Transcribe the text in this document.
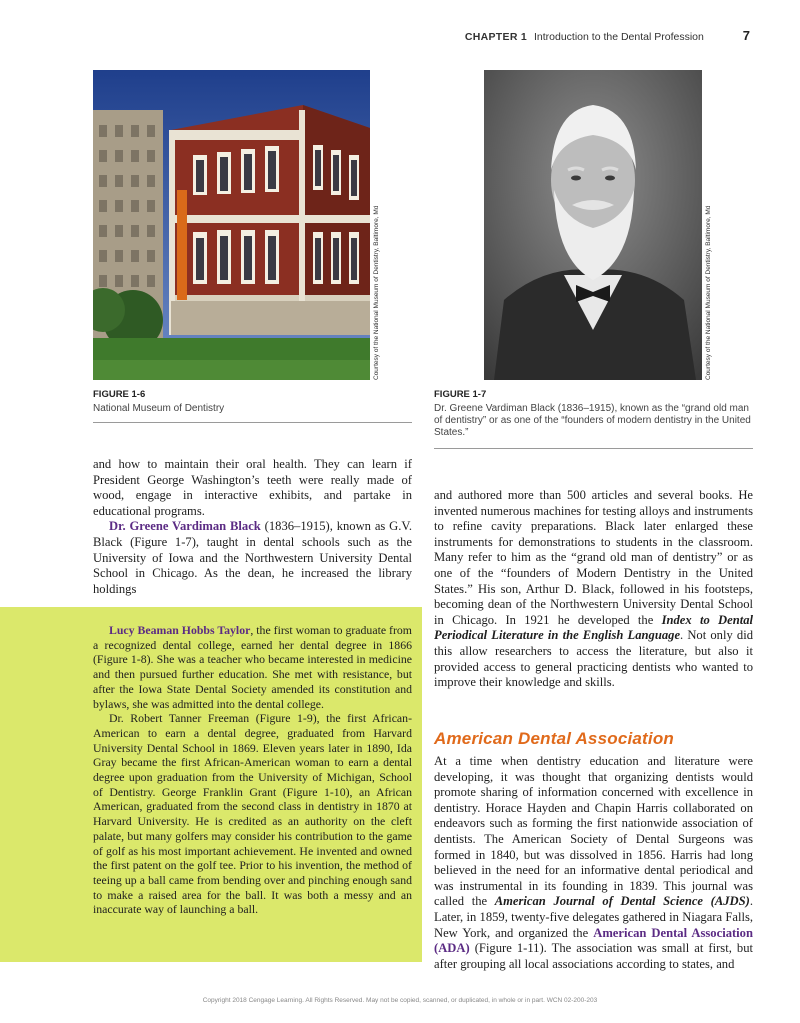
CHAPTER 1 Introduction to the Dental Profession	7
Courtesy of the National Museum of Dentistry, Baltimore, Md	Courtesy of the National Museum of Dentistry, Baltimore, Md
FIGURE 1-6
National Museum of Dentistry
FIGURE 1-7
Dr. Greene Vardiman Black (1836–1915), known as the “grand old man of dentistry” or as one of the “founders of modern dentistry in the United States.”

and how to maintain their oral health. They can learn if President George Washington’s teeth were really made of wood, engage in interactive exhibits, and partake in educational programs.

Dr. Greene Vardiman Black (1836–1915), known as G.V. Black (Figure 1-7), taught in dental schools such as the University of Iowa and the Northwestern University Dental School in Chicago. As the dean, he increased the library holdings

Lucy Beaman Hobbs Taylor, the first woman to graduate from a recognized dental college, earned her dental degree in 1866 (Figure 1-8). She was a teacher who became interested in medicine and then pursued further education. She met with resistance, but after the Iowa State Dental Society amended its constitution and bylaws, she was admitted into the dental college.

Dr. Robert Tanner Freeman (Figure 1-9), the first African-American to earn a dental degree, graduated from Harvard University Dental School in 1869. Eleven years later in 1890, Ida Gray became the first African-American woman to earn a dental degree upon graduation from the University of Michigan, School of Dentistry. George Franklin Grant (Figure 1-10), an African American, graduated from the second class in dentistry in 1870 at Harvard University. He is credited as an authority on the cleft palate, but many golfers may consider his contribution to the game of golf as his most important achievement. He invented and owned the first patent on the golf tee. Prior to his invention, the method of teeing up a ball came from bending over and pinching enough sand to make a raised area for the ball. It was both a messy and an inaccurate way of launching a ball.

and authored more than 500 articles and several books. He invented numerous machines for testing alloys and instruments to refine cavity preparations. Black later enlarged these instruments for demonstrations to students in the classroom. Many refer to him as the “grand old man of dentistry” or as one of the “founders of Modern Dentistry in the United States.” His son, Arthur D. Black, followed in his footsteps, becoming dean of the Northwestern University Dental School in Chicago. In 1921 he developed the Index to Dental Periodical Literature in the English Language. Not only did this allow researchers to access the literature, but also it provided access to general practicing dentists who wanted to improve their knowledge and skills.

American Dental Association

At a time when dentistry education and literature were developing, it was thought that organizing dentists would promote sharing of information concerned with excellence in dentistry. Horace Hayden and Chapin Harris collaborated on endeavors such as forming the first nationwide association of dentists. The American Society of Dental Surgeons was formed in 1840, but was dissolved in 1856. Harris had long believed in the need for an informative dental periodical and was instrumental in its founding in 1839. This journal was called the American Journal of Dental Science (AJDS). Later, in 1859, twenty-five delegates gathered in Niagara Falls, New York, and organized the American Dental Association (ADA) (Figure 1-11). The association was small at first, but after grouping all local associations according to states, and

Copyright 2018 Cengage Learning. All Rights Reserved. May not be copied, scanned, or duplicated, in whole or in part. WCN 02-200-203
